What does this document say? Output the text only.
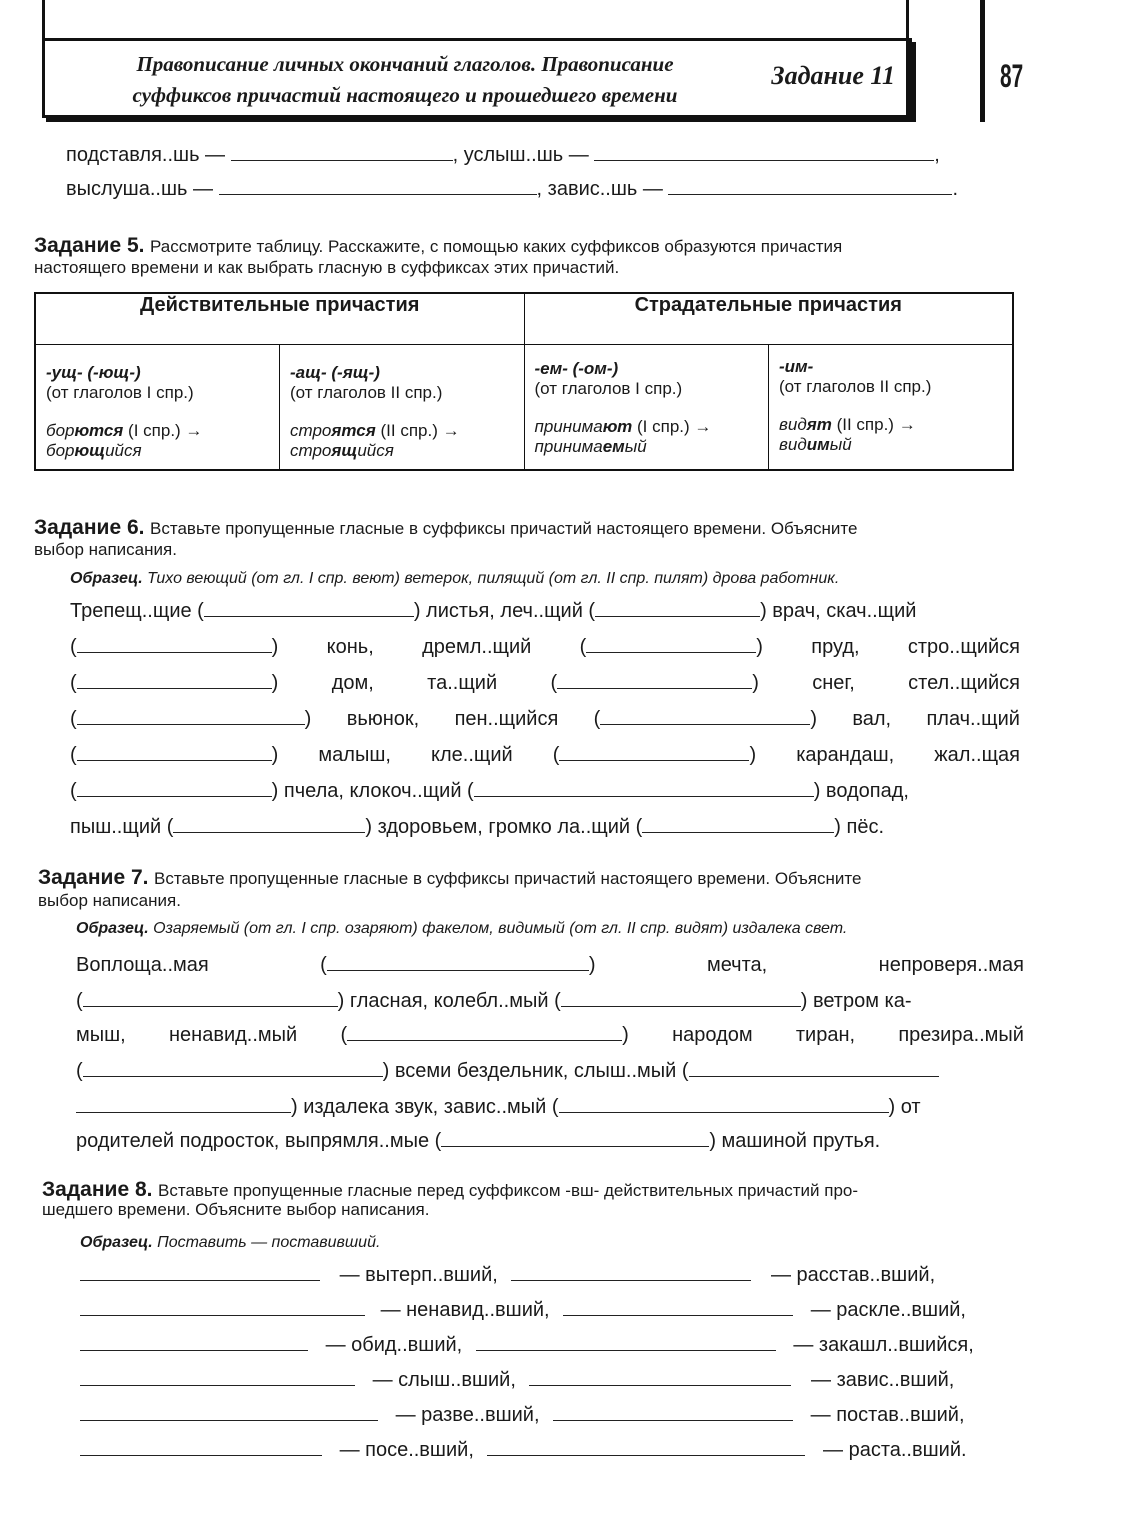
Правописание личных окончаний глаголов. Правописание
суффиксов причастий настоящего и прошедшего времени
Задание 11	87
подставля..шь —	, услыш..шь —	,
выслуша..шь —	, завис..шь —	.
Задание 5. Рассмотрите таблицу. Расскажите, с помощью каких суффиксов образуются причастия
настоящего времени и как выбрать гласную в суффиксах этих причастий.
Действительные причастия		Страдательные причастия	

-ущ- (-ющ-)
(от глаголов I спр.)
борются (I спр.) →
борющийся	-ащ- (-ящ-)
(от глаголов II спр.)
строятся (II спр.) →
строящийся	-ем- (-ом-)
(от глаголов I спр.)
принимают (I спр.) →
принимаемый	-им-
(от глаголов II спр.)
видят (II спр.) →
видимый
Задание 6. Вставьте пропущенные гласные в суффиксы причастий настоящего времени. Объясните
выбор написания.
Образец. Тихо веющий (от гл. I спр. веют) ветерок, пилящий (от гл. II спр. пилят) дрова работник.
Трепещ..щие (	) листья, леч..щий (	) врач, скач..щий
(	) конь, дремл..щий (	) пруд, стро..щийся
(	)	дом,	та..щий	(	)	снег,	стел..щийся
(	) вьюнок, пен..щийся (	) вал, плач..щий
(	) малыш, кле..щий (	) карандаш, жал..щая
(	) пчела, клокоч..щий (	) водопад,
пыш..щий (	) здоровьем, громко ла..щий (	) пёс.
Задание 7. Вставьте пропущенные гласные в суффиксы причастий настоящего времени. Объясните
выбор написания.
Образец. Озаряемый (от гл. I спр. озаряют) факелом, видимый (от гл. II спр. видят) издалека свет.
Воплоща..мая	(	)	мечта,	непроверя..мая
(	) гласная, колебл..мый (	) ветром ка-
мыш, ненавид..мый (	) народом тиран, презира..мый
(	) всеми бездельник, слыш..мый (
) издалека звук, завис..мый (	) от
родителей подросток, выпрямля..мые (	) машиной прутья.
Задание 8. Вставьте пропущенные гласные перед суффиксом -вш- действительных причастий про-
шедшего времени. Объясните выбор написания.
Образец. Поставить — поставивший.
— вытерп..вший,	— расстав..вший,
— ненавид..вший,	— раскле..вший,
— обид..вший,	— закашл..вшийся,
— слыш..вший,	— завис..вший,
— разве..вший,	— постав..вший,
— посе..вший,	— раста..вший.
